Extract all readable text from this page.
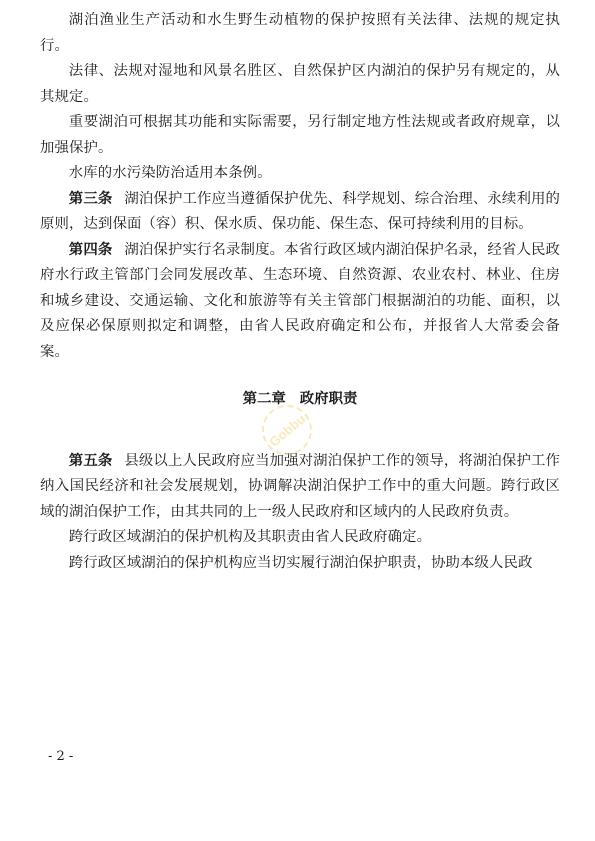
湖泊渔业生产活动和水生野生动植物的保护按照有关法律、法规的规定执行。

法律、法规对湿地和风景名胜区、自然保护区内湖泊的保护另有规定的，从其规定。

重要湖泊可根据其功能和实际需要，另行制定地方性法规或者政府规章，以加强保护。

水库的水污染防治适用本条例。

第三条 湖泊保护工作应当遵循保护优先、科学规划、综合治理、永续利用的原则，达到保面（容）积、保水质、保功能、保生态、保可持续利用的目标。

第四条 湖泊保护实行名录制度。本省行政区域内湖泊保护名录，经省人民政府水行政主管部门会同发展改革、生态环境、自然资源、农业农村、林业、住房和城乡建设、交通运输、文化和旅游等有关主管部门根据湖泊的功能、面积，以及应保必保原则拟定和调整，由省人民政府确定和公布，并报省人大常委会备案。

第二章 政府职责

第五条 县级以上人民政府应当加强对湖泊保护工作的领导，将湖泊保护工作纳入国民经济和社会发展规划，协调解决湖泊保护工作中的重大问题。跨行政区域的湖泊保护工作，由其共同的上一级人民政府和区域内的人民政府负责。

跨行政区域湖泊的保护机构及其职责由省人民政府确定。

跨行政区域湖泊的保护机构应当切实履行湖泊保护职责，协助本级人民政

Gobbu
- 2 -
